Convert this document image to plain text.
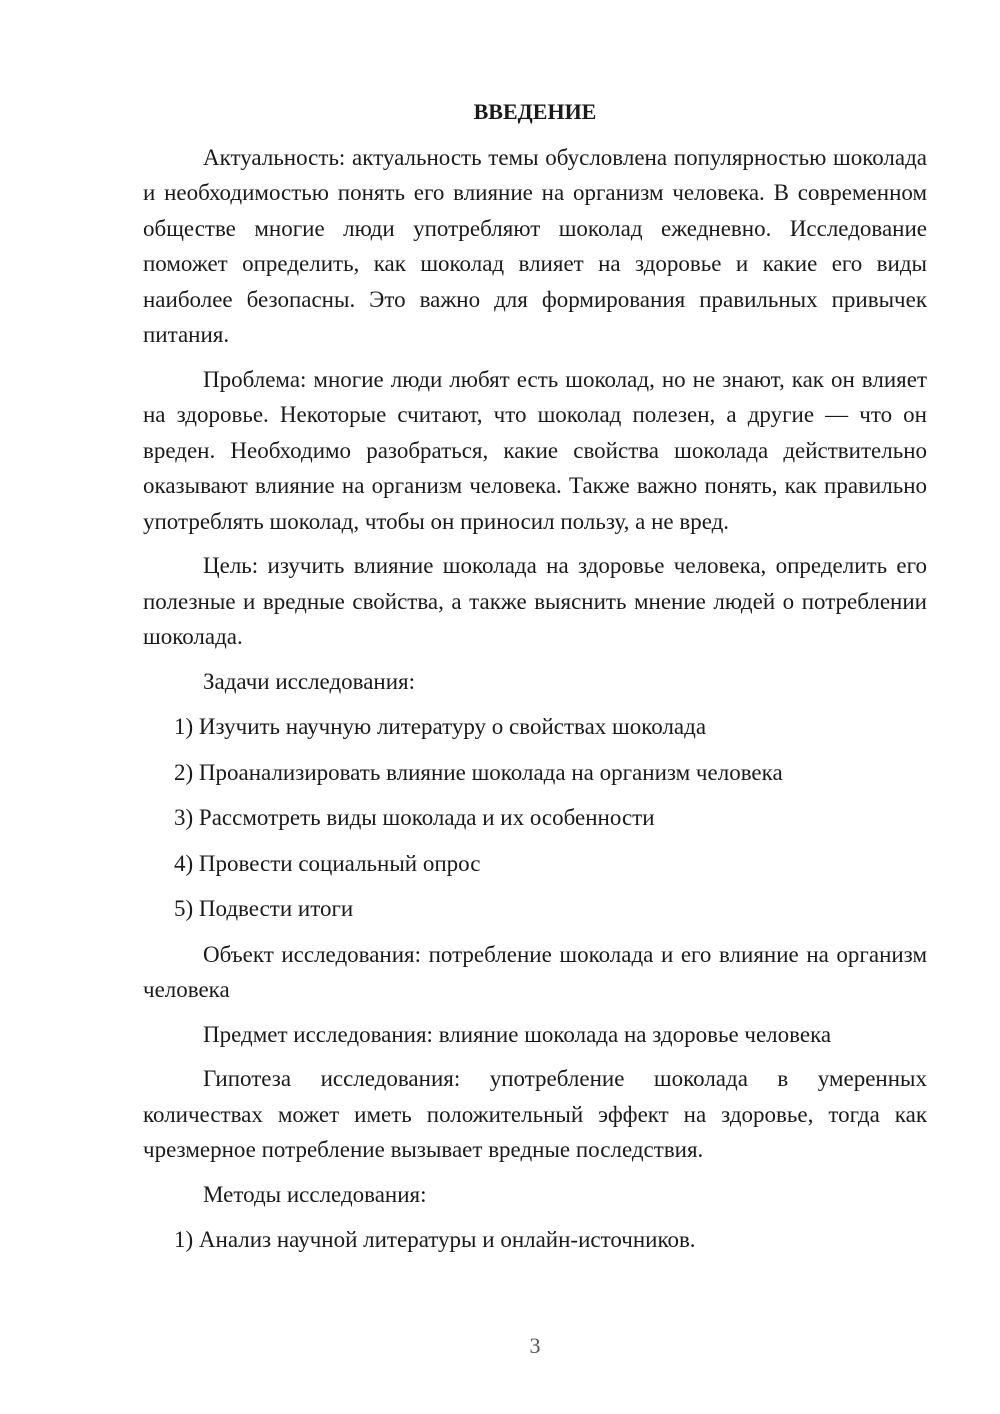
ВВЕДЕНИЕ

Актуальность: актуальность темы обусловлена популярностью шоколада и необходимостью понять его влияние на организм человека. В современном обществе многие люди употребляют шоколад ежедневно. Исследование поможет определить, как шоколад влияет на здоровье и какие его виды наиболее безопасны. Это важно для формирования правильных привычек питания.

Проблема: многие люди любят есть шоколад, но не знают, как он влияет на здоровье. Некоторые считают, что шоколад полезен, а другие — что он вреден. Необходимо разобраться, какие свойства шоколада действительно оказывают влияние на организм человека. Также важно понять, как правильно употреблять шоколад, чтобы он приносил пользу, а не вред.

Цель: изучить влияние шоколада на здоровье человека, определить его полезные и вредные свойства, а также выяснить мнение людей о потреблении шоколада.

Задачи исследования:

1) Изучить научную литературу о свойствах шоколада

2) Проанализировать влияние шоколада на организм человека

3) Рассмотреть виды шоколада и их особенности

4) Провести социальный опрос

5) Подвести итоги

Объект исследования: потребление шоколада и его влияние на организм человека

Предмет исследования: влияние шоколада на здоровье человека

Гипотеза исследования: употребление шоколада в умеренных количествах может иметь положительный эффект на здоровье, тогда как чрезмерное потребление вызывает вредные последствия.

Методы исследования:

1) Анализ научной литературы и онлайн-источников.

3
